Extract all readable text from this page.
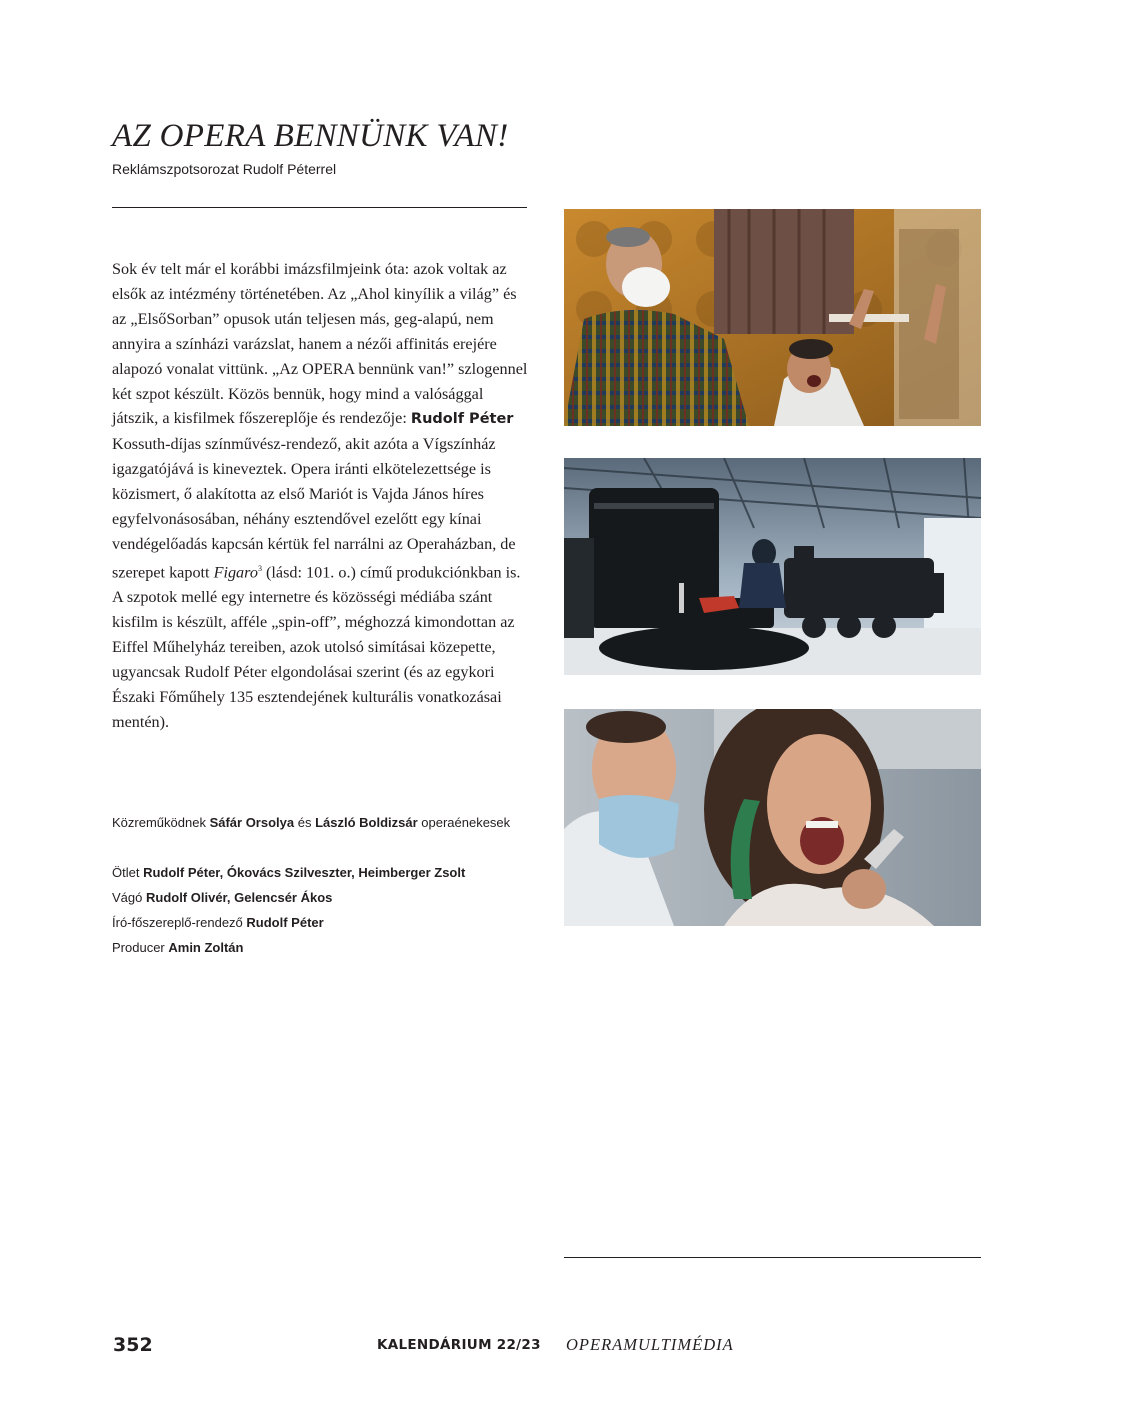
AZ OPERA BENNÜNK VAN!
Reklámszpotsorozat Rudolf Péterrel

Sok év telt már el korábbi imázsfilmjeink óta: azok voltak az elsők az intézmény történetében. Az „Ahol kinyílik a világ” és az „ElsőSorban” opusok után teljesen más, geg-alapú, nem annyira a színházi varázslat, hanem a nézői affinitás erejére alapozó vonalat vittünk. „Az OPERA bennünk van!” szlogennel két szpot készült. Közös bennük, hogy mind a valósággal játszik, a kisfilmek főszereplője és rendezője: Rudolf Péter Kossuth-díjas színművész-rendező, akit azóta a Vígszínház igazgatójává is kineveztek. Opera iránti elkötelezettsége is közismert, ő alakította az első Mariót is Vajda János híres egyfelvonásosában, néhány esztendővel ezelőtt egy kínai vendégelőadás kapcsán kértük fel narrálni az Operaházban, de szerepet kapott Figaro$^3$ (lásd: 101. o.) című produkciónkban is.

A szpotok mellé egy internetre és közösségi médiába szánt kisfilm is készült, afféle „spin-off”, méghozzá kimondottan az Eiffel Műhelyház tereiben, azok utolsó simításai közepette, ugyancsak Rudolf Péter elgondolásai szerint (és az egykori Északi Főműhely 135 esztendejének kulturális vonatkozásai mentén).

Közreműködnek Sáfár Orsolya és László Boldizsár operaénekesek
Ötlet Rudolf Péter, Ókovács Szilveszter, Heimberger Zsolt
Vágó Rudolf Olivér, Gelencsér Ákos
Író-főszereplő-rendező Rudolf Péter
Producer Amin Zoltán
352	KALENDÁRIUM 22/23 OPERAMULTIMÉDIA
